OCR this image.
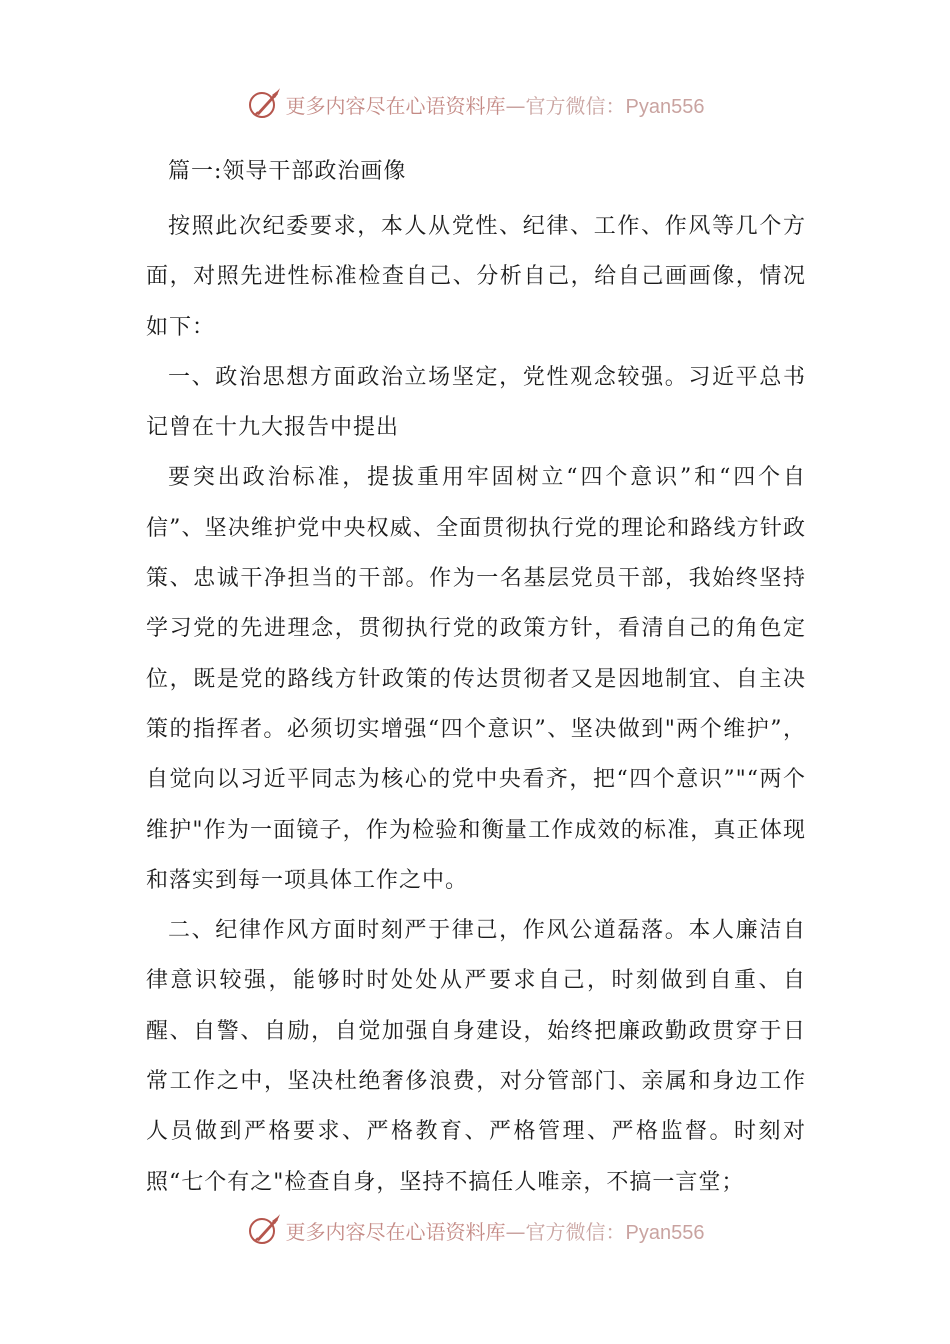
更多内容尽在心语资料库—官方微信：Pyan556

篇一:领导干部政治画像

按照此次纪委要求，本人从党性、纪律、工作、作风等几个方面，对照先进性标准检查自己、分析自己，给自己画画像，情况如下：

一、政治思想方面政治立场坚定，党性观念较强。习近平总书记曾在十九大报告中提出

要突出政治标准，提拔重用牢固树立“四个意识”和“四个自信”、坚决维护党中央权威、全面贯彻执行党的理论和路线方针政策、忠诚干净担当的干部。作为一名基层党员干部，我始终坚持学习党的先进理念，贯彻执行党的政策方针，看清自己的角色定位，既是党的路线方针政策的传达贯彻者又是因地制宜、自主决策的指挥者。必须切实增强“四个意识”、坚决做到"两个维护”，自觉向以习近平同志为核心的党中央看齐，把“四个意识”"“两个维护"作为一面镜子，作为检验和衡量工作成效的标准，真正体现和落实到每一项具体工作之中。

二、纪律作风方面时刻严于律己，作风公道磊落。本人廉洁自律意识较强，能够时时处处从严要求自己，时刻做到自重、自醒、自警、自励，自觉加强自身建设，始终把廉政勤政贯穿于日常工作之中，坚决杜绝奢侈浪费，对分管部门、亲属和身边工作人员做到严格要求、严格教育、严格管理、严格监督。时刻对照“七个有之"检查自身，坚持不搞任人唯亲，不搞一言堂；

更多内容尽在心语资料库—官方微信：Pyan556
